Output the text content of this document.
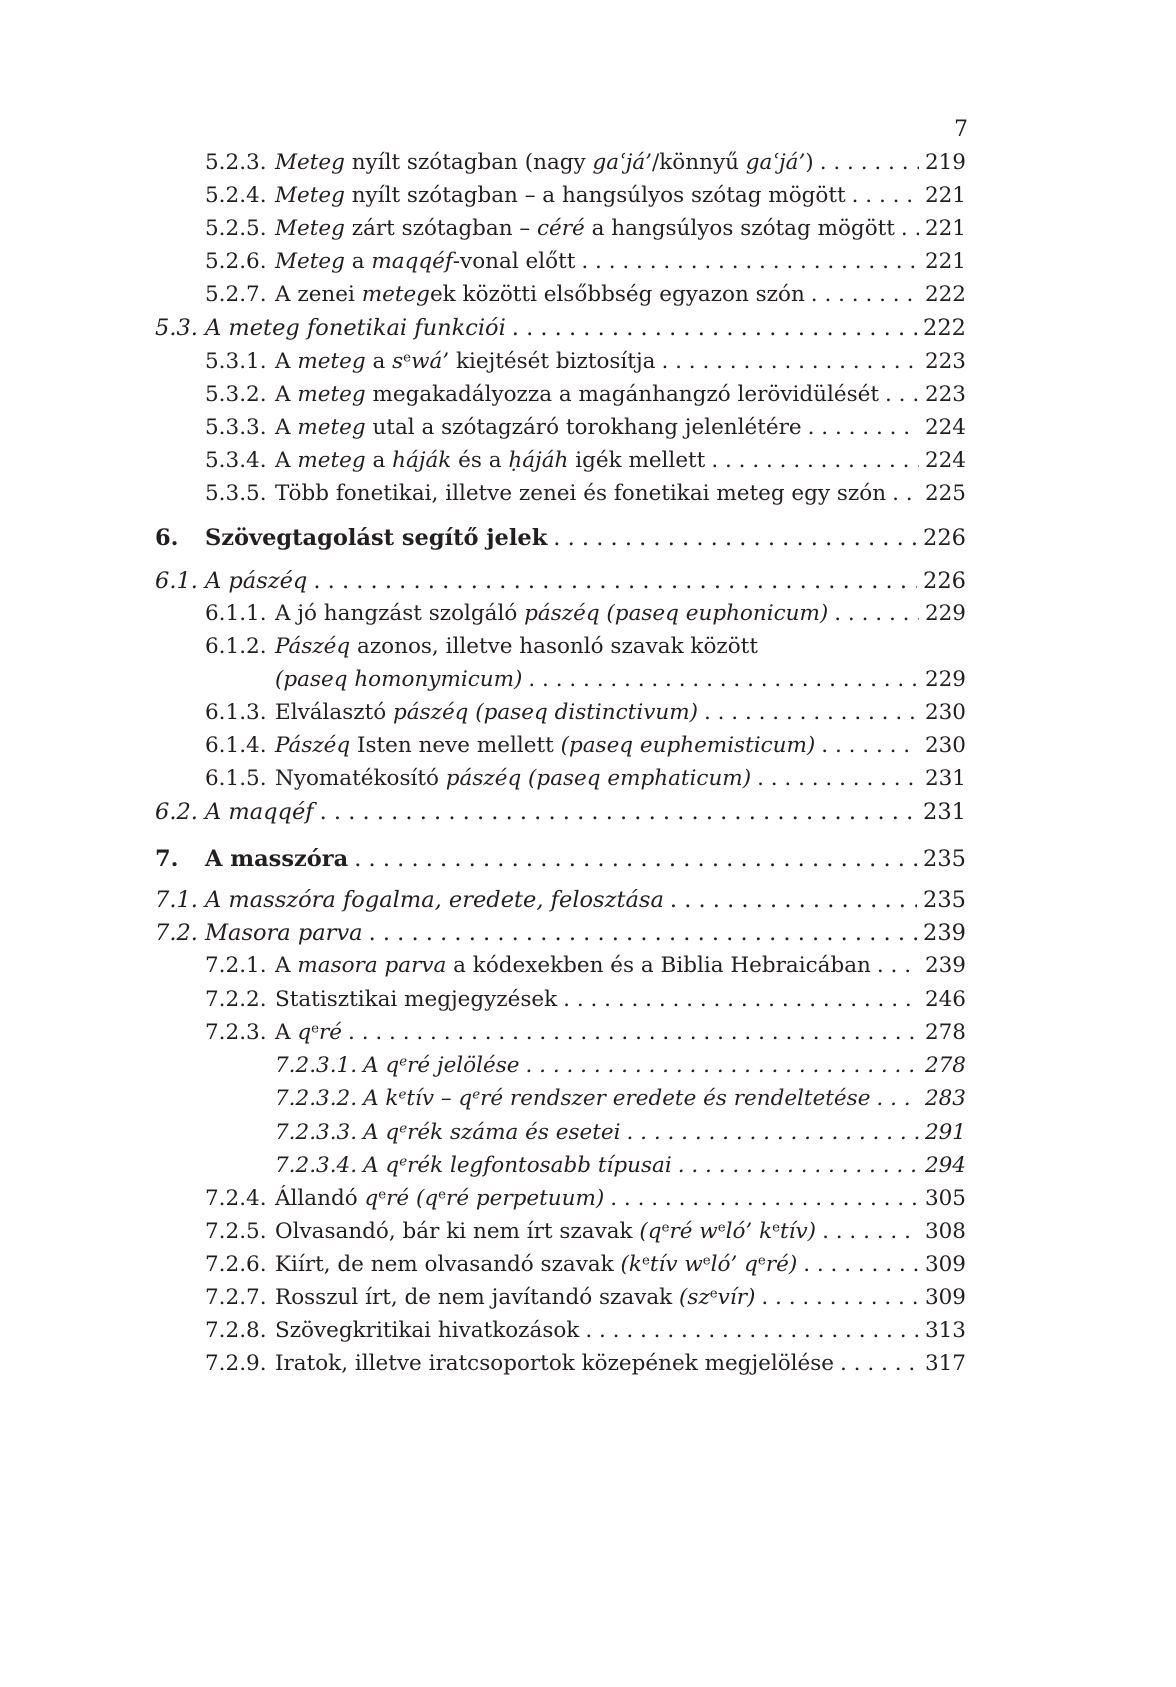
7
5.2.3. Meteg nyílt szótagban (nagy gaʿjá’/könnyű gaʿjá’) . . .	219
5.2.4. Meteg nyílt szótagban – a hangsúlyos szótag mögött . . .	221
5.2.5. Meteg zárt szótagban – céré a hangsúlyos szótag mögött . . . 221
5.2.6. Meteg a maqqéf-vonal előtt . . .	221
5.2.7. A zenei metegek közötti elsőbbség egyazon szón . . .	222
5.3. A meteg fonetikai funkciói . . .	222
5.3.1. A meteg a $s^ewá$’ kiejtését biztosítja . . .	223
5.3.2. A meteg megakadályozza a magánhangzó lerövidülését . . . 223
5.3.3. A meteg utal a szótagzáró torokhang jelenlétére . . .	224
5.3.4. A meteg a háják és a ḥájáh igék mellett . . .	224
5.3.5. Több fonetikai, illetve zenei és fonetikai meteg egy szón . . . 225
6.	Szövegtagolást segítő jelek . . .	226
6.1. A pászéq . . .	226
6.1.1. A jó hangzást szolgáló pászéq (paseq euphonicum) . . .	229
6.1.2. Pászéq azonos, illetve hasonló szavak között
(paseq homonymicum) . . .	229
6.1.3. Elválasztó pászéq (paseq distinctivum) . . .	230
6.1.4. Pászéq Isten neve mellett (paseq euphemisticum) . . .	230
6.1.5. Nyomatékosító pászéq (paseq emphaticum) . . .	231
6.2. A maqqéf . . .	231
7.	A masszóra . . .	235
7.1. A masszóra fogalma, eredete, felosztása . . .	235
7.2. Masora parva . . .	239
7.2.1. A masora parva a kódexekben és a Biblia Hebraicában . . .	239
7.2.2. Statisztikai megjegyzések . . .	246
7.2.3. A $q^eré$ . . .	278
7.2.3.1. A $q^eré$ jelölése . . .	278
7.2.3.2. A $k^etív$ – $q^eré$ rendszer eredete és rendeltetése . . .	283
7.2.3.3. A $q^erék$ száma és esetei . . .	291
7.2.3.4. A $q^erék$ legfontosabb típusai . . .	294
7.2.4. Állandó $q^eré$ ($q^eré$ perpetuum) . . .	305
7.2.5. Olvasandó, bár ki nem írt szavak ($q^eré$ $w^eló$’ $k^etív$) . . .	308
7.2.6. Kiírt, de nem olvasandó szavak ($k^etív$ $w^eló$’ $q^eré$) . . .	309
7.2.7. Rosszul írt, de nem javítandó szavak $(sz^evír)$ . . .	309
7.2.8. Szövegkritikai hivatkozások . . .	313
7.2.9. Iratok, illetve iratcsoportok közepének megjelölése . . .	317
